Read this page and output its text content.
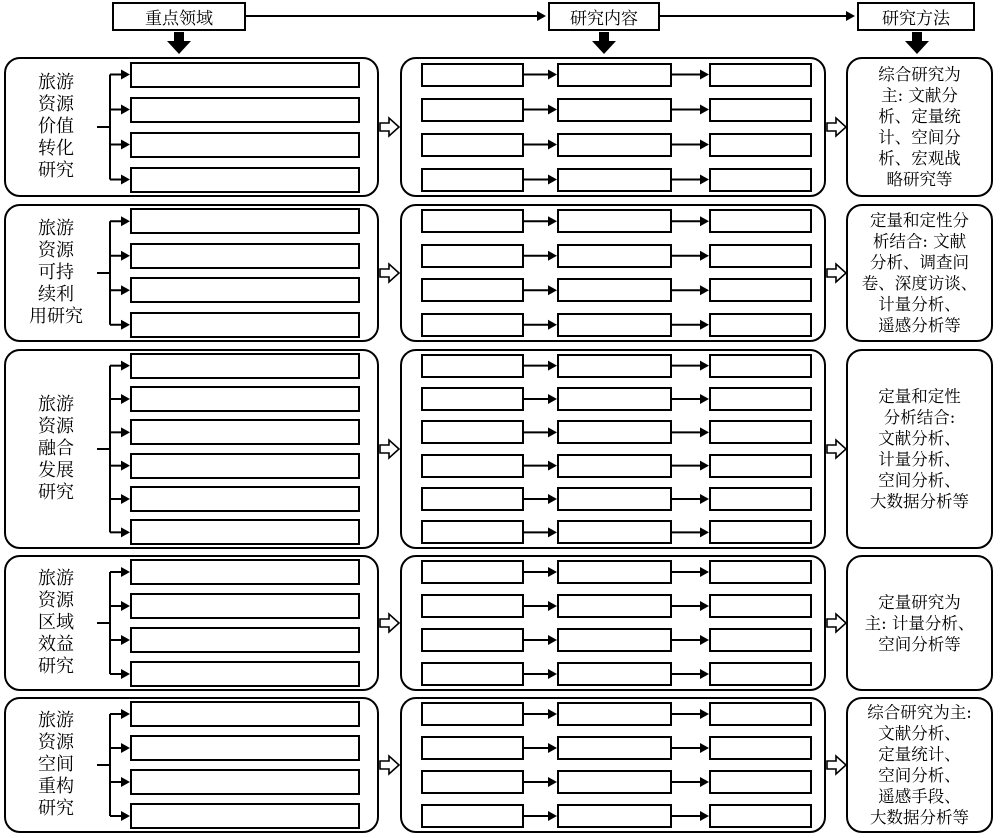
重点领域	研究内容	研究方法
旅游
资源
价值
转化
研究
综合研究为
主: 文献分
析、定量统
计、空间分
析、宏观战
略研究等
旅游
资源
可持
续利
用研究
定量和定性分
析结合: 文献
分析、调查问
卷、深度访谈、
计量分析、
遥感分析等
旅游
资源
融合
发展
研究
定量和定性
分析结合:
文献分析、
计量分析、
空间分析、
大数据分析等
旅游
资源
区域
效益
研究
定量研究为
主: 计量分析、
空间分析等
旅游
资源
空间
重构
研究
综合研究为主:
文献分析、
定量统计、
空间分析、
遥感手段、
大数据分析等
